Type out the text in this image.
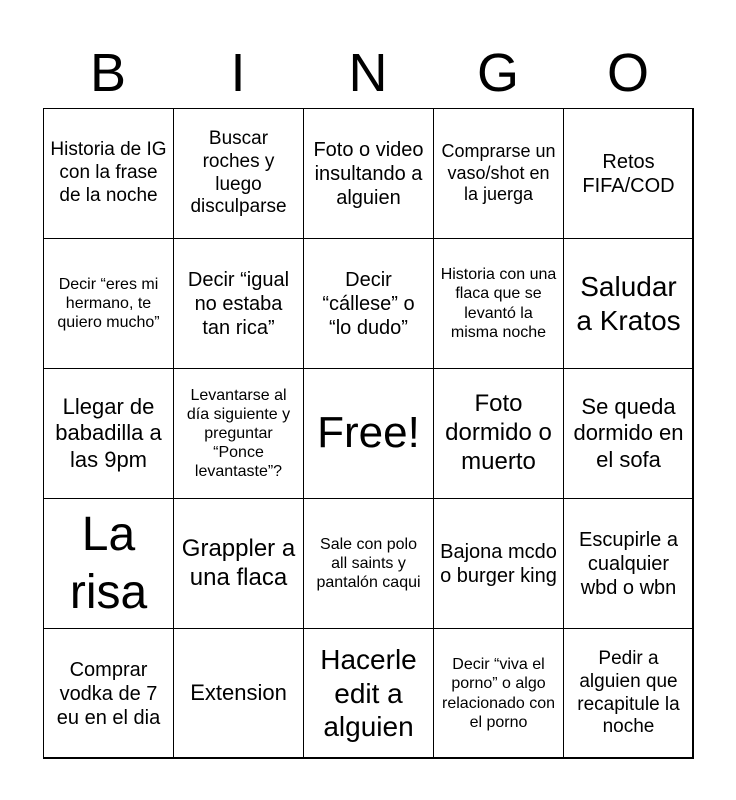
B	I	N	G	O
Historia de IG con la frase de la noche
Buscar roches y luego disculparse
Foto o video insultando a alguien
Comprarse un vaso/shot en la juerga
Retos FIFA/COD
Decir “eres mi hermano, te quiero mucho”
Decir “igual no estaba tan rica”
Decir “cállese” o “lo dudo”
Historia con una flaca que se levantó la misma noche
Saludar a Kratos
Llegar de babadilla a las 9pm
Levantarse al día siguiente y preguntar “Ponce levantaste”?
Free!
Foto dormido o muerto
Se queda dormido en el sofa
La risa
Grappler a una flaca
Sale con polo all saints y pantalón caqui
Bajona mcdo o burger king
Escupirle a cualquier wbd o wbn
Comprar vodka de 7 eu en el dia
Extension
Hacerle edit a alguien
Decir “viva el porno” o algo relacionado con el porno
Pedir a alguien que recapitule la noche
